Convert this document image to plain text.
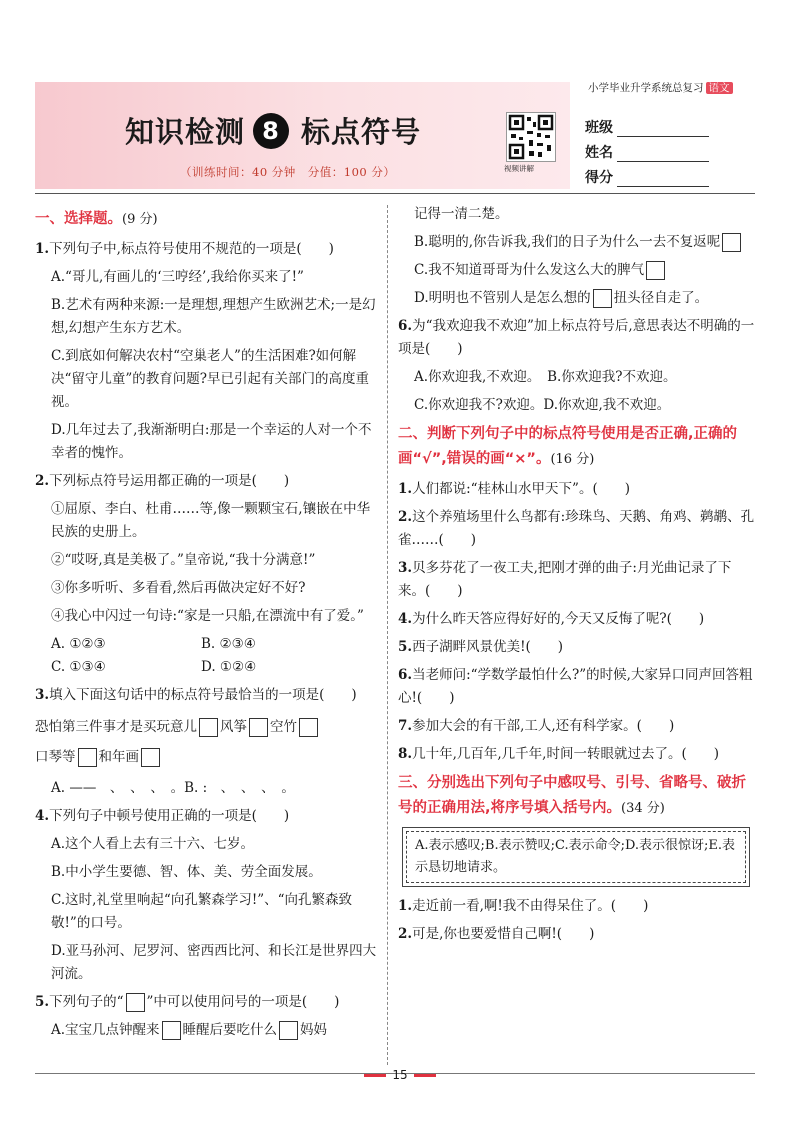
知识检测 8 标点符号
（训练时间：40 分钟　分值：100 分）	视频讲解
小学毕业升学系统总复习 语文
班级
姓名
得分
一、选择题。(9 分)
1.下列句子中,标点符号使用不规范的一项是(　　)
A.“哥儿,有画儿的‘三哼经’,我给你买来了!”
B.艺术有两种来源:一是理想,理想产生欧洲艺术;一是幻想,幻想产生东方艺术。
C.到底如何解决农村“空巢老人”的生活困难?如何解决“留守儿童”的教育问题?早已引起有关部门的高度重视。
D.几年过去了,我渐渐明白:那是一个幸运的人对一个不幸者的愧怍。
2.下列标点符号运用都正确的一项是(　　)
①屈原、李白、杜甫……等,像一颗颗宝石,镶嵌在中华民族的史册上。
②“哎呀,真是美极了。”皇帝说,“我十分满意!”
③你多听听、多看看,然后再做决定好不好?
④我心中闪过一句诗:“家是一只船,在漂流中有了爱。”
A. ①②③	B. ②③④
C. ①③④	D. ①②④
3.填入下面这句话中的标点符号最恰当的一项是(　　)
恐怕第三件事才是买玩意儿 风筝 空竹
口琴等 和年画
A. ——　、　、　、　。B. :　、　、　、　。
4.下列句子中顿号使用正确的一项是(　　)
A.这个人看上去有三十六、七岁。
B.中小学生要德、智、体、美、劳全面发展。
C.这时,礼堂里响起“向孔繁森学习!”、“向孔繁森致敬!”的口号。
D.亚马孙河、尼罗河、密西西比河、和长江是世界四大河流。
5.下列句子的“ ”中可以使用问号的一项是(　　)
A.宝宝几点钟醒来 睡醒后要吃什么 妈妈
记得一清二楚。
B.聪明的,你告诉我,我们的日子为什么一去不复返呢
C.我不知道哥哥为什么发这么大的脾气
D.明明也不管别人是怎么想的 扭头径自走了。
6.为“我欢迎我不欢迎”加上标点符号后,意思表达不明确的一项是(　　)
A.你欢迎我,不欢迎。　B.你欢迎我?不欢迎。
C.你欢迎我不?欢迎。D.你欢迎,我不欢迎。
二、判断下列句子中的标点符号使用是否正确,正确的画“√”,错误的画“×”。(16 分)
1.人们都说:“桂林山水甲天下”。(　　)
2.这个养殖场里什么鸟都有:珍珠鸟、天鹅、角鸡、鹈鹕、孔雀……(　　)
3.贝多芬花了一夜工夫,把刚才弹的曲子:月光曲记录了下来。(　　)
4.为什么昨天答应得好好的,今天又反悔了呢?(　　)
5.西子湖畔风景优美!(　　)
6.当老师问:“学数学最怕什么?”的时候,大家异口同声回答粗心!(　　)
7.参加大会的有干部,工人,还有科学家。(　　)
8.几十年,几百年,几千年,时间一转眼就过去了。(　　)
三、分别选出下列句子中感叹号、引号、省略号、破折号的正确用法,将序号填入括号内。(34 分)
A.表示感叹;B.表示赞叹;C.表示命令;D.表示很惊讶;E.表示恳切地请求。
1.走近前一看,啊!我不由得呆住了。(　　)
2.可是,你也要爱惜自己啊!(　　)
15
